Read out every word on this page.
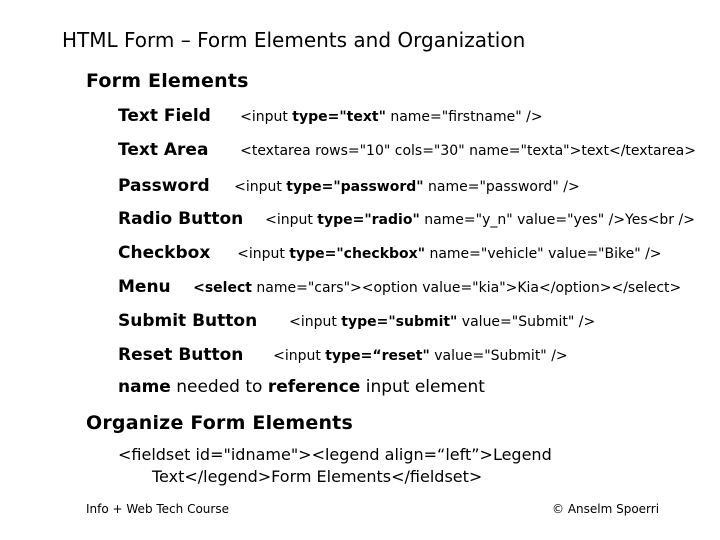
HTML Form – Form Elements and Organization
Form Elements
Text Field <input type="text" name="firstname" />
Text Area <textarea rows="10" cols="30" name="texta">text</textarea>
Password <input type="password" name="password" />
Radio Button <input type="radio" name="y_n" value="yes" />Yes<br />
Checkbox <input type="checkbox" name="vehicle" value="Bike" />
Menu <select name="cars"><option value="kia">Kia</option></select>
Submit Button <input type="submit" value="Submit" />
Reset Button <input type=“reset" value="Submit" />
name needed to reference input element
Organize Form Elements
<fieldset id="idname"><legend align=“left”>Legend
Text</legend>Form Elements</fieldset>
Info + Web Tech Course	© Anselm Spoerri
